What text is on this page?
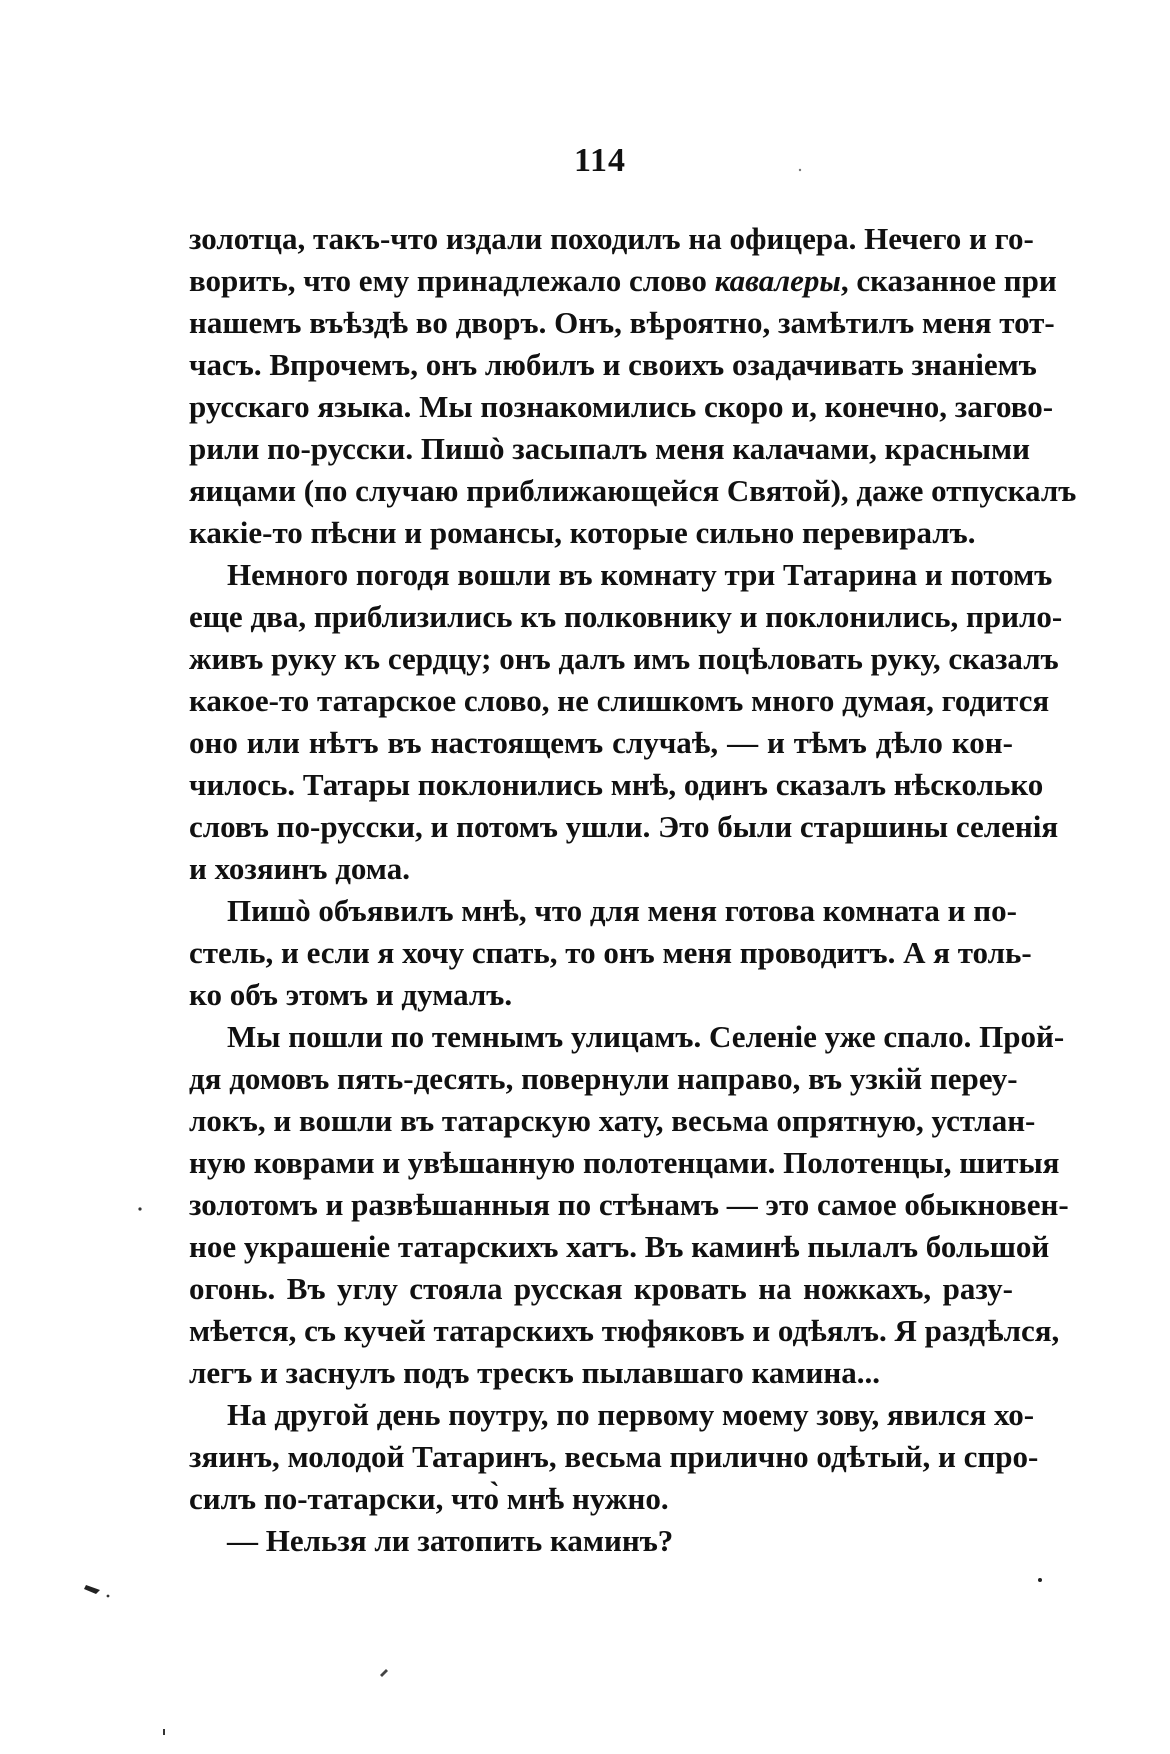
114
золотца, такъ-что издали походилъ на офицера. Нечего и го-
ворить, что ему принадлежало слово кавалеры, сказанное при
нашемъ въѣздѣ во дворъ. Онъ, вѣроятно, замѣтилъ меня тот-
часъ. Впрочемъ, онъ любилъ и своихъ озадачивать знаніемъ
русскаго языка. Мы познакомились скоро и, конечно, загово-
рили по-русски. Пишò засыпалъ меня калачами, красными
яицами (по случаю приближающейся Святой), даже отпускалъ
какіе-то пѣсни и романсы, которые сильно перевиралъ.
Немного погодя вошли въ комнату три Татарина и потомъ
еще два, приблизились къ полковнику и поклонились, прило-
живъ руку къ сердцу; онъ далъ имъ поцѣловать руку, сказалъ
какое-то татарское слово, не слишкомъ много думая, годится
оно или нѣтъ въ настоящемъ случаѣ, — и тѣмъ дѣло кон-
чилось. Татары поклонились мнѣ, одинъ сказалъ нѣсколько
словъ по-русски, и потомъ ушли. Это были старшины селенія
и хозяинъ дома.
Пишò объявилъ мнѣ, что для меня готова комната и по-
стель, и если я хочу спать, то онъ меня проводитъ. А я толь-
ко объ этомъ и думалъ.
Мы пошли по темнымъ улицамъ. Селеніе уже спало. Прой-
дя домовъ пять-десять, повернули направо, въ узкій переу-
локъ, и вошли въ татарскую хату, весьма опрятную, устлан-
ную коврами и увѣшанную полотенцами. Полотенцы, шитыя
золотомъ и развѣшанныя по стѣнамъ — это самое обыкновен-
ное украшеніе татарскихъ хатъ. Въ каминѣ пылалъ большой
огонь. Въ углу стояла русская кровать на ножкахъ, разу-
мѣется, съ кучей татарскихъ тюфяковъ и одѣялъ. Я раздѣлся,
легъ и заснулъ подъ трескъ пылавшаго камина...
На другой день поутру, по первому моему зову, явился хо-
зяинъ, молодой Татаринъ, весьма прилично одѣтый, и спро-
силъ по-татарски, что̀ мнѣ нужно.
— Нельзя ли затопить каминъ?
